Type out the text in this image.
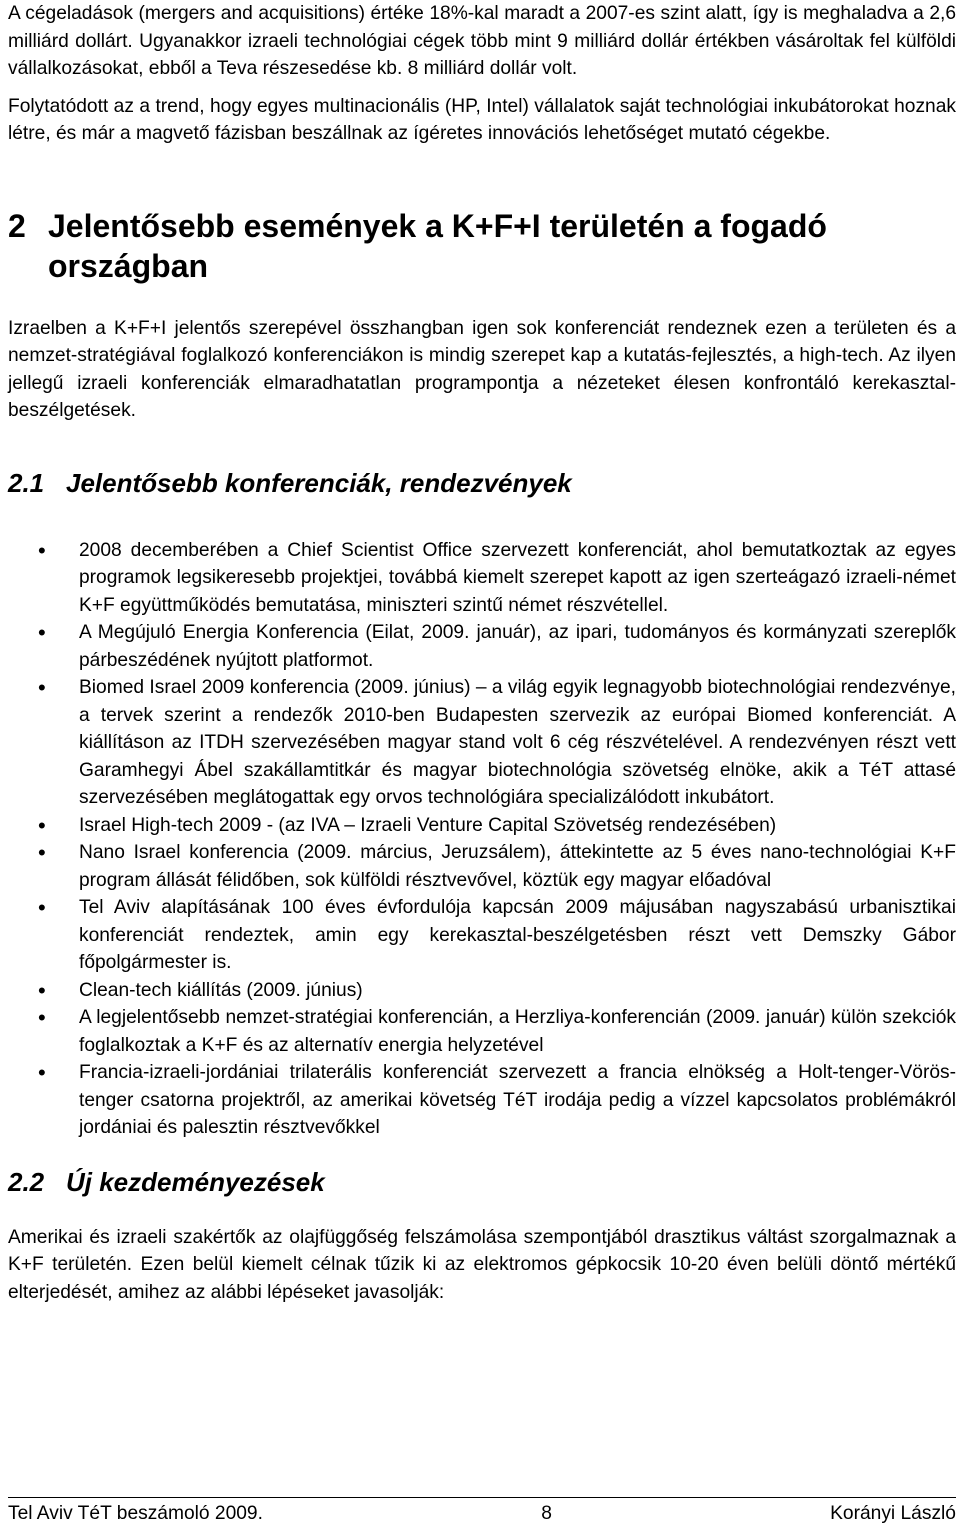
A cégeladások (mergers and acquisitions) értéke 18%-kal maradt a 2007-es szint alatt, így is meghaladva a 2,6 milliárd dollárt. Ugyanakkor izraeli technológiai cégek több mint 9 milliárd dollár értékben vásároltak fel külföldi vállalkozásokat, ebből a Teva részesedése kb. 8 milliárd dollár volt.

Folytatódott az a trend, hogy egyes multinacionális (HP, Intel) vállalatok saját technológiai inkubátorokat hoznak létre, és már a magvető fázisban beszállnak az ígéretes innovációs lehetőséget mutató cégekbe.

2 Jelentősebb események a K+F+I területén a fogadó országban

Izraelben a K+F+I jelentős szerepével összhangban igen sok konferenciát rendeznek ezen a területen és a nemzet-stratégiával foglalkozó konferenciákon is mindig szerepet kap a kutatás-fejlesztés, a high-tech. Az ilyen jellegű izraeli konferenciák elmaradhatatlan programpontja a nézeteket élesen konfrontáló kerekasztal-beszélgetések.

2.1 Jelentősebb konferenciák, rendezvények
• 2008 decemberében a Chief Scientist Office szervezett konferenciát, ahol bemutatkoztak az egyes programok legsikeresebb projektjei, továbbá kiemelt szerepet kapott az igen szerteágazó izraeli-német K+F együttműködés bemutatása, miniszteri szintű német részvétellel.
• A Megújuló Energia Konferencia (Eilat, 2009. január), az ipari, tudományos és kormányzati szereplők párbeszédének nyújtott platformot.
• Biomed Israel 2009 konferencia (2009. június) – a világ egyik legnagyobb biotechnológiai rendezvénye, a tervek szerint a rendezők 2010-ben Budapesten szervezik az európai Biomed konferenciát. A kiállításon az ITDH szervezésében magyar stand volt 6 cég részvételével. A rendezvényen részt vett Garamhegyi Ábel szakállamtitkár és magyar biotechnológia szövetség elnöke, akik a TéT attasé szervezésében meglátogattak egy orvos technológiára specializálódott inkubátort.
• Israel High-tech 2009 - (az IVA – Izraeli Venture Capital Szövetség rendezésében)
• Nano Israel konferencia (2009. március, Jeruzsálem), áttekintette az 5 éves nano-technológiai K+F program állását félidőben, sok külföldi résztvevővel, köztük egy magyar előadóval
• Tel Aviv alapításának 100 éves évfordulója kapcsán 2009 májusában nagyszabású urbanisztikai konferenciát rendeztek, amin egy kerekasztal-beszélgetésben részt vett Demszky Gábor főpolgármester is.
• Clean-tech kiállítás (2009. június)
• A legjelentősebb nemzet-stratégiai konferencián, a Herzliya-konferencián (2009. január) külön szekciók foglalkoztak a K+F és az alternatív energia helyzetével
• Francia-izraeli-jordániai trilaterális konferenciát szervezett a francia elnökség a Holt-tenger-Vörös-tenger csatorna projektről, az amerikai követség TéT irodája pedig a vízzel kapcsolatos problémákról jordániai és palesztin résztvevőkkel
2.2 Új kezdeményezések

Amerikai és izraeli szakértők az olajfüggőség felszámolása szempontjából drasztikus váltást szorgalmaznak a K+F területén. Ezen belül kiemelt célnak tűzik ki az elektromos gépkocsik 10-20 éven belüli döntő mértékű elterjedését, amihez az alábbi lépéseket javasolják:

Tel Aviv TéT beszámoló 2009.	8	Korányi László
